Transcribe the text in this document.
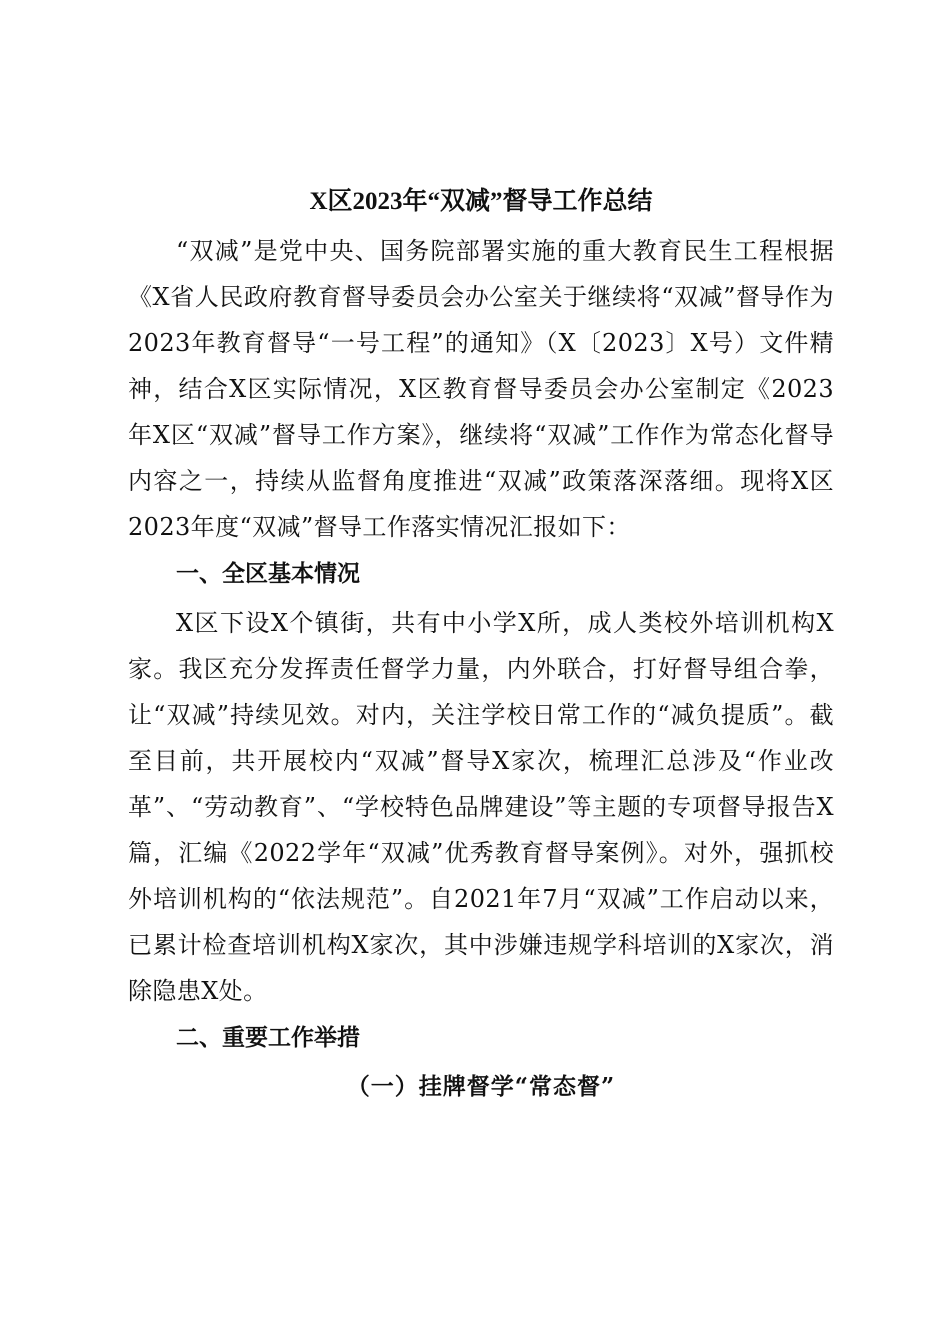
X区2023年“双减”督导工作总结

“双减”是党中央、国务院部署实施的重大教育民生工程根据《X省人民政府教育督导委员会办公室关于继续将“双减”督导作为2023年教育督导“一号工程”的通知》（X〔2023〕X号）文件精神，结合X区实际情况，X区教育督导委员会办公室制定《2023年X区“双减”督导工作方案》，继续将“双减”工作作为常态化督导内容之一，持续从监督角度推进“双减”政策落深落细。现将X区2023年度“双减”督导工作落实情况汇报如下：

一、全区基本情况

X区下设X个镇街，共有中小学X所，成人类校外培训机构X家。我区充分发挥责任督学力量，内外联合，打好督导组合拳，让“双减”持续见效。对内，关注学校日常工作的“减负提质”。截至目前，共开展校内“双减”督导X家次，梳理汇总涉及“作业改革”、“劳动教育”、“学校特色品牌建设”等主题的专项督导报告X篇，汇编《2022学年“双减”优秀教育督导案例》。对外，强抓校外培训机构的“依法规范”。自2021年7月“双减”工作启动以来，已累计检查培训机构X家次，其中涉嫌违规学科培训的X家次，消除隐患X处。

二、重要工作举措
（一）挂牌督学“常态督”
